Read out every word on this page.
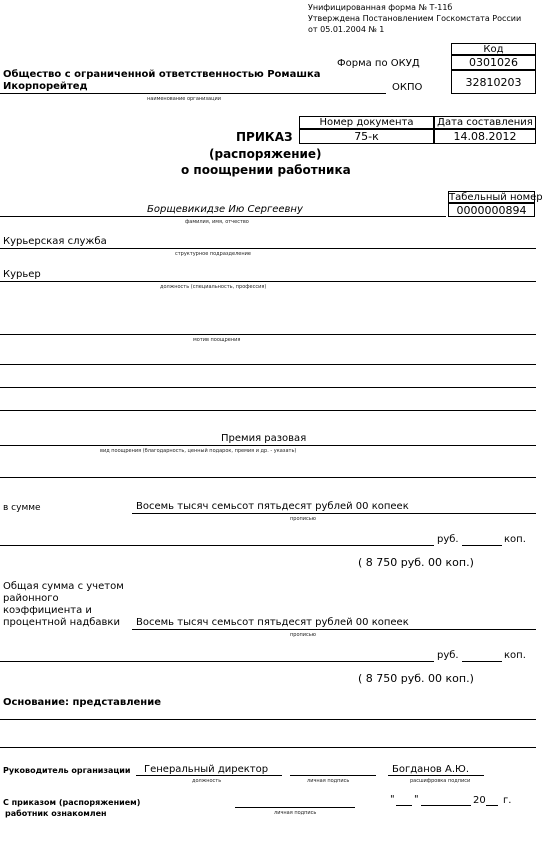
Унифицированная форма № Т-11б
Утверждена Постановлением Госкомстата России
от 05.01.2004 № 1
Код
Форма по ОКУД	0301026
32810203
ОКПО
Общество с ограниченной ответственностью Ромашка
Икорпорейтед
наименование организации
Номер документа	Дата составления
75-к	14.08.2012
ПРИКАЗ
(распоряжение)
о поощрении работника
Табельный номер
0000000894
Борщевикидзе Ию Сергеевну
фамилия, имя, отчество
Курьерская служба
структурное подразделение
Курьер
должность (специальность, профессия)
мотив поощрения
Премия разовая
вид поощрения (благодарность, ценный подарок, премия и др. - указать)
в сумме	Восемь тысяч семьсот пятьдесят рублей 00 копеек
прописью
руб.	коп.
( 8 750 руб. 00 коп.)
Общая сумма с учетом
районного
коэффициента и
процентной надбавки Восемь тысяч семьсот пятьдесят рублей 00 копеек
прописью
руб.	коп.
( 8 750 руб. 00 коп.)
Основание: представление
Руководитель организации Генеральный директор
должность	личная подпись
Богданов А.Ю.
расшифровка подписи
С приказом (распоряжением)
работник ознакомлен	личная подпись
" "	20 г.
